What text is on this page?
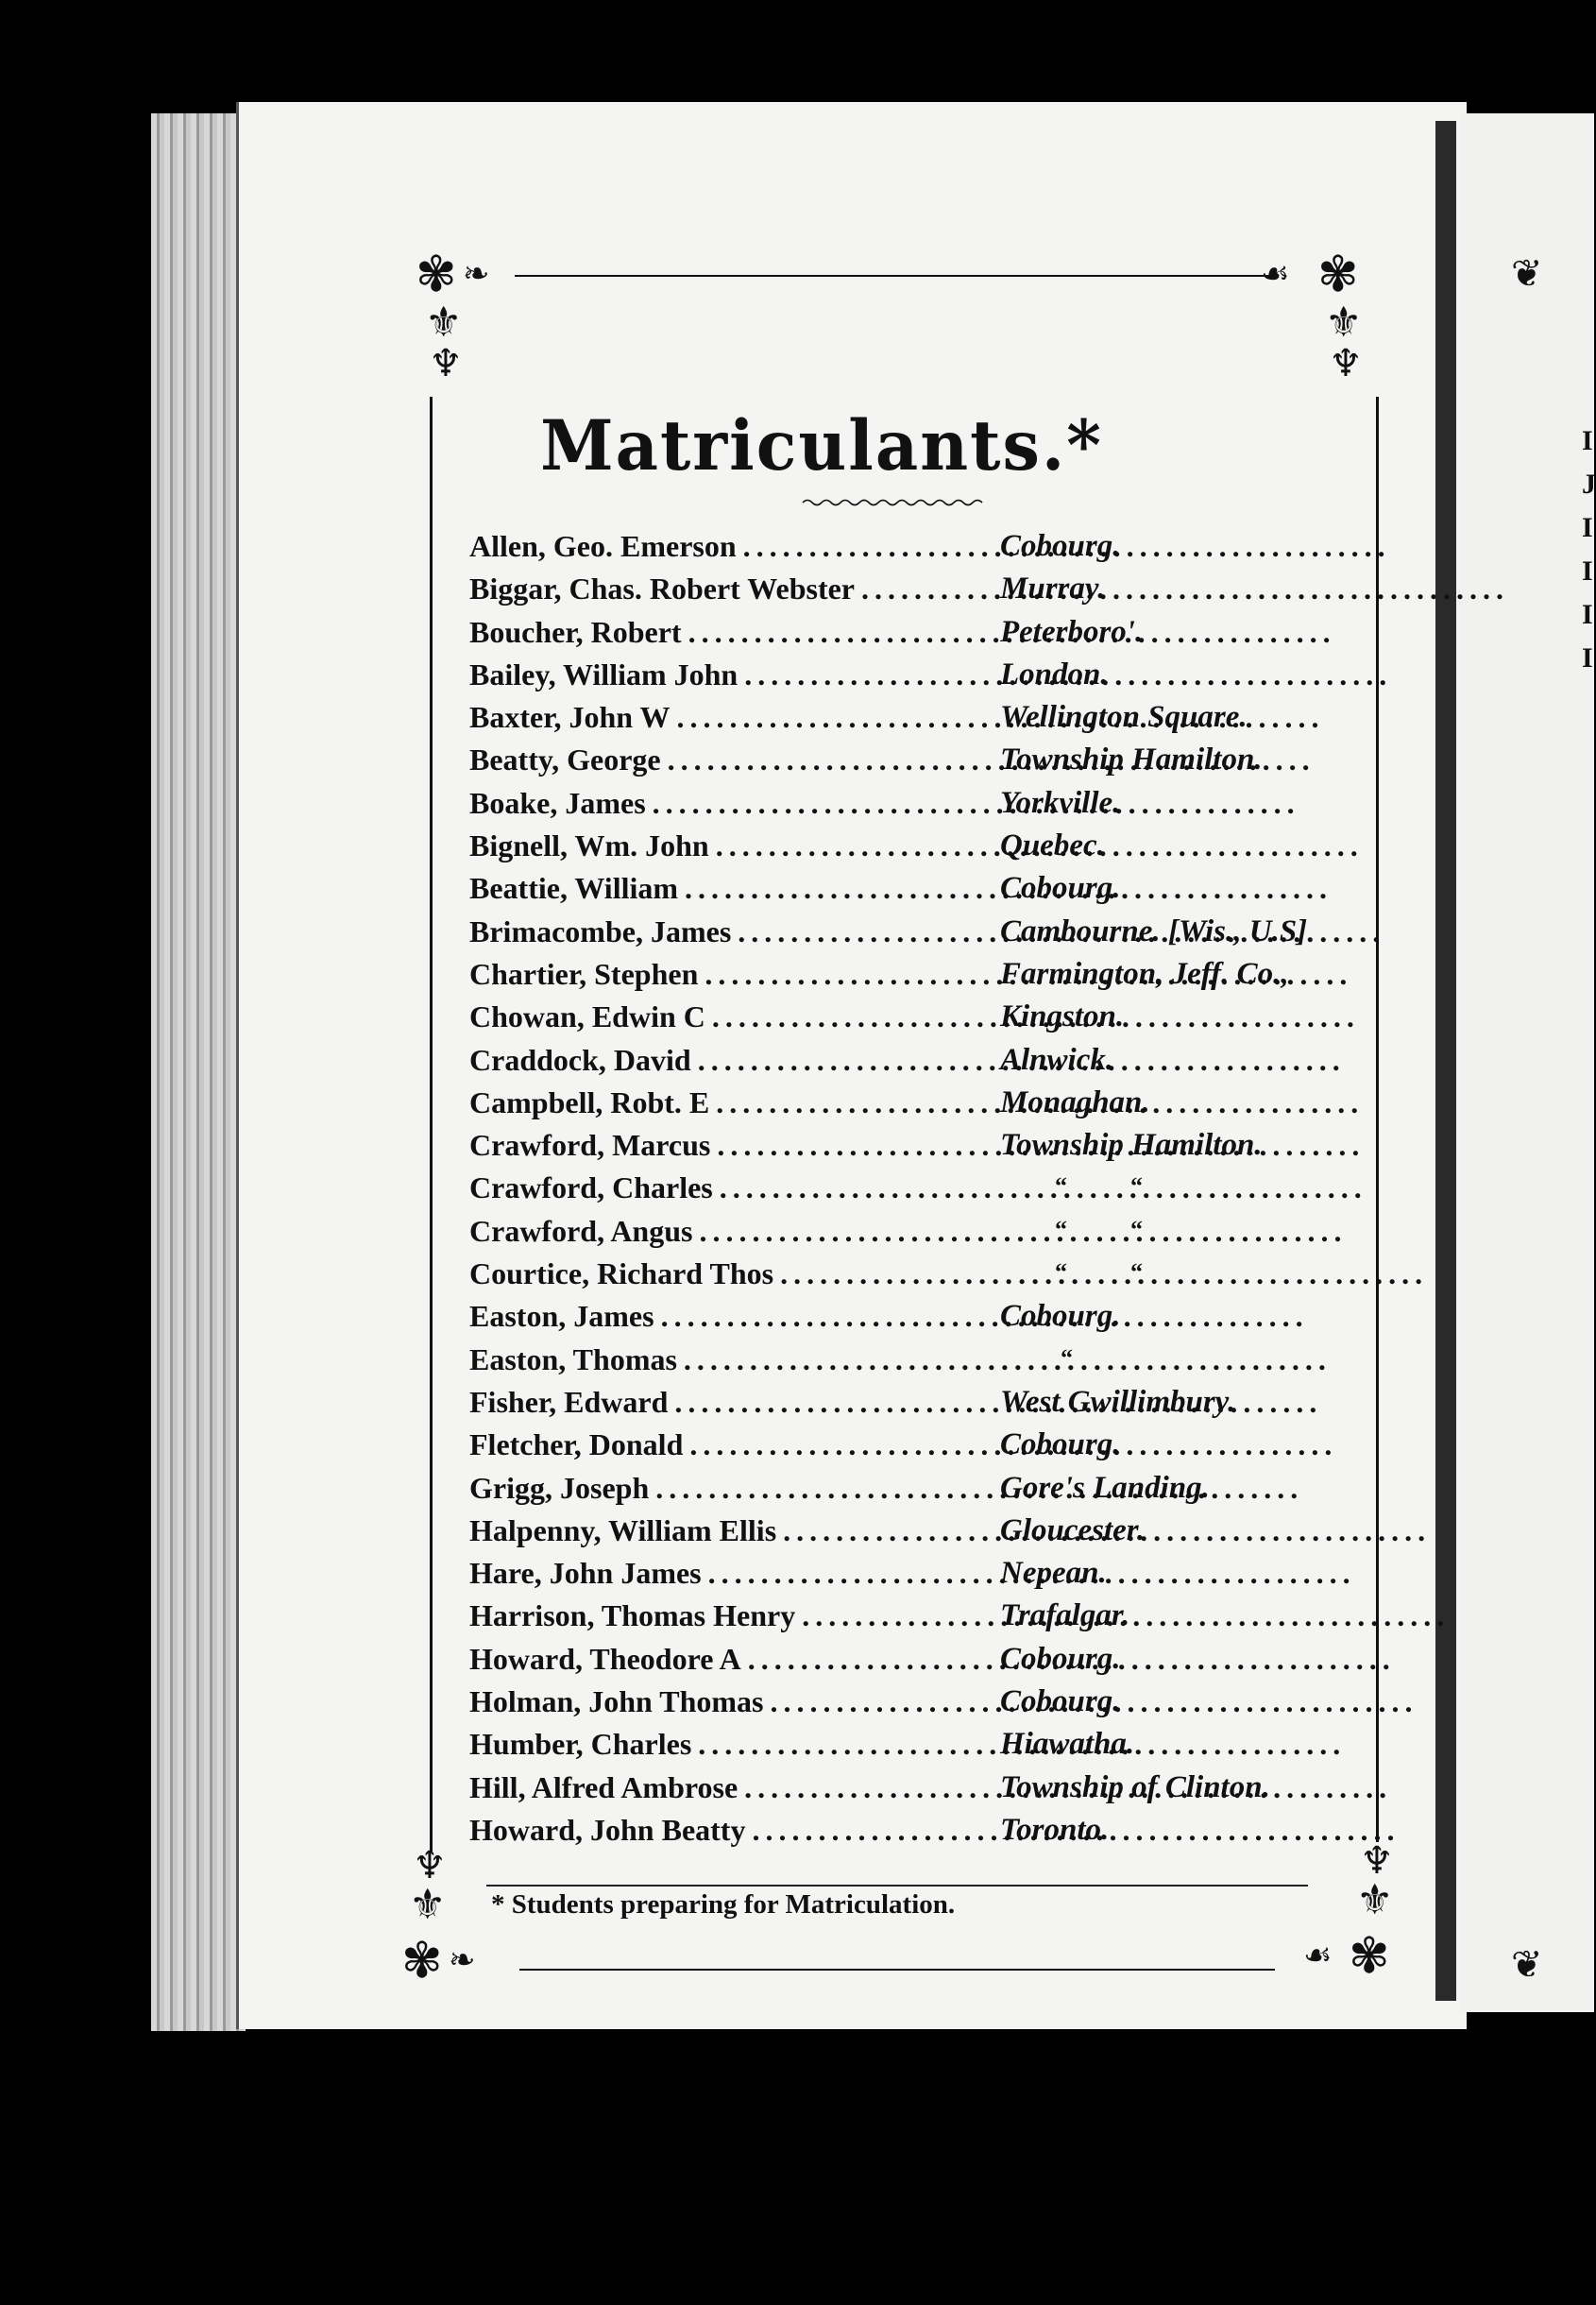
❦
I
J
I
I
I
I
❦
✾ ❧
⚜
♆
☙ ✾
⚜
♆
♆
⚜
✾ ❧
♆
⚜
☙ ✾
Matriculants.*
Allen, Geo. Emerson . . .	Cobourg.
Biggar, Chas. Robert Webster . . .	Murray.
Boucher, Robert . . .	Peterboro'.
Bailey, William John . . .	London.
Baxter, John W . . .	Wellington Square.
Beatty, George . . .	Township Hamilton.
Boake, James . . .	Yorkville.
Bignell, Wm. John . . .	Quebec.
Beattie, William . . .	Cobourg.
Brimacombe, James . . .	Cambourne. [Wis., U.S]
Chartier, Stephen . . .	Farmington, Jeff. Co.,
Chowan, Edwin C . . .	Kingston.
Craddock, David . . .	Alnwick.
Campbell, Robt. E . . .	Monaghan.
Crawford, Marcus . . .	Township Hamilton.
Crawford, Charles . . .	“	“
Crawford, Angus . . .	“	“
Courtice, Richard Thos . . .	“	“
Easton, James . . .	Cobourg.
Easton, Thomas . . .	“
Fisher, Edward . . .	West Gwillimbury.
Fletcher, Donald . . .	Cobourg.
Grigg, Joseph . . .	Gore's Landing.
Halpenny, William Ellis . . .	Gloucester.
Hare, John James . . .	Nepean.
Harrison, Thomas Henry . . .	Trafalgar.
Howard, Theodore A . . .	Cobourg.
Holman, John Thomas . . .	Cobourg.
Humber, Charles . . .	Hiawatha.
Hill, Alfred Ambrose . . .	Township of Clinton.
Howard, John Beatty . . .	Toronto.
* Students preparing for Matriculation.
